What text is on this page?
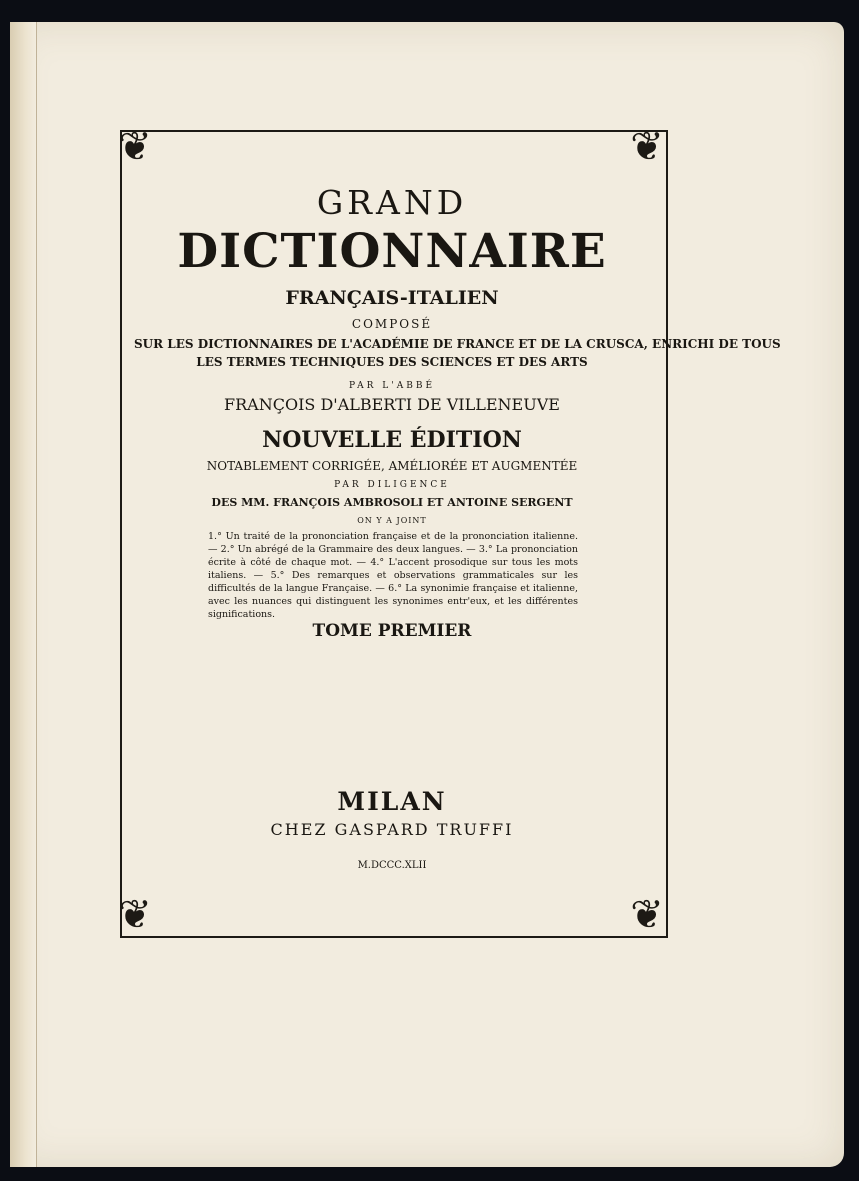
❦	❦
❦	❦

GRAND

DICTIONNAIRE

FRANÇAIS-ITALIEN

COMPOSÉ

SUR LES DICTIONNAIRES DE L'ACADÉMIE DE FRANCE ET DE LA CRUSCA, ENRICHI DE TOUS

LES TERMES TECHNIQUES DES SCIENCES ET DES ARTS

PAR L'ABBÉ

FRANÇOIS D'ALBERTI DE VILLENEUVE

NOUVELLE ÉDITION

NOTABLEMENT CORRIGÉE, AMÉLIORÉE ET AUGMENTÉE

PAR DILIGENCE

DES MM. FRANÇOIS AMBROSOLI ET ANTOINE SERGENT

ON Y A JOINT

1.° Un traité de la prononciation française et de la prononciation italienne. — 2.° Un abrégé de la Grammaire des deux langues. — 3.° La prononciation écrite à côté de chaque mot. — 4.° L'accent prosodique sur tous les mots italiens. — 5.° Des remarques et observations grammaticales sur les difficultés de la langue Française. — 6.° La synonimie française et italienne, avec les nuances qui distinguent les synonimes entr'eux, et les différentes significations.

TOME PREMIER

MILAN

CHEZ GASPARD TRUFFI

M.DCCC.XLII
